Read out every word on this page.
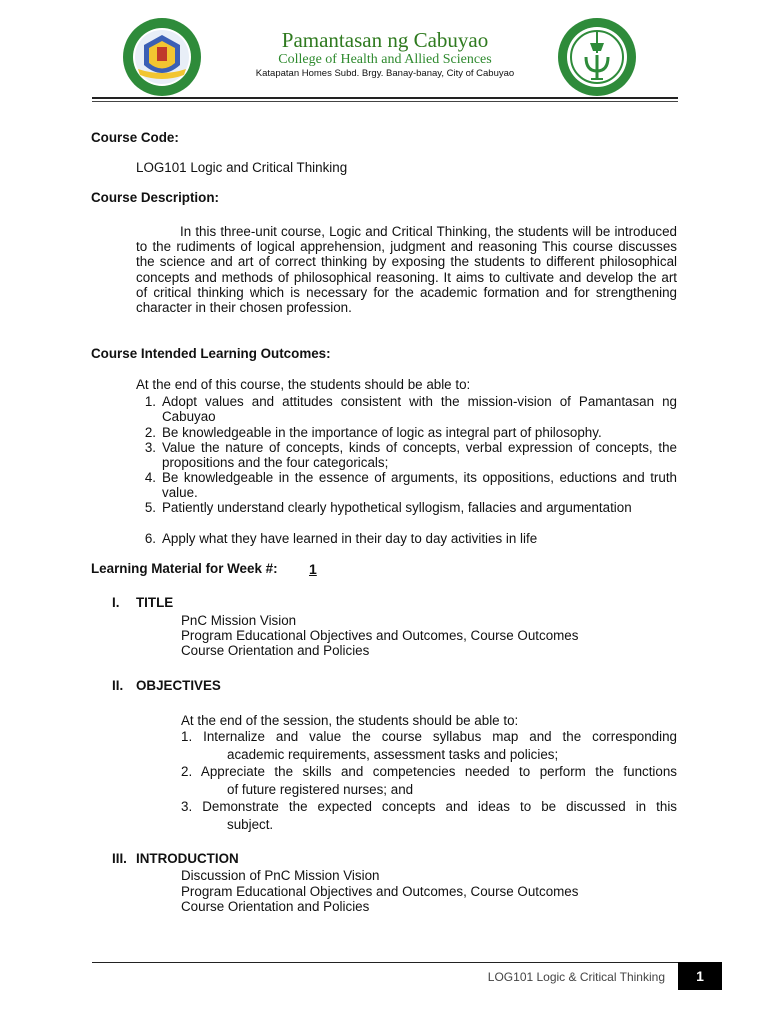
Pamantasan ng Cabuyao
College of Health and Allied Sciences
Katapatan Homes Subd. Brgy. Banay-banay, City of Cabuyao
Course Code:
LOG101 Logic and Critical Thinking
Course Description:

In this three-unit course, Logic and Critical Thinking, the students will be introduced to the rudiments of logical apprehension, judgment and reasoning This course discusses the science and art of correct thinking by exposing the students to different philosophical concepts and methods of philosophical reasoning. It aims to cultivate and develop the art of critical thinking which is necessary for the academic formation and for strengthening character in their chosen profession.

Course Intended Learning Outcomes:
At the end of this course, the students should be able to:
1. Adopt values and attitudes consistent with the mission-vision of Pamantasan ng Cabuyao
2. Be knowledgeable in the importance of logic as integral part of philosophy.
3. Value the nature of concepts, kinds of concepts, verbal expression of concepts, the propositions and the four categoricals;
4. Be knowledgeable in the essence of arguments, its oppositions, eductions and truth value.
5. Patiently understand clearly hypothetical syllogism, fallacies and argumentation
6. Apply what they have learned in their day to day activities in life
Learning Material for Week #: 1
I. TITLE
PnC Mission Vision
Program Educational Objectives and Outcomes, Course Outcomes
Course Orientation and Policies
II. OBJECTIVES
At the end of the session, the students should be able to:
1. Internalize and value the course syllabus map and the corresponding
academic requirements, assessment tasks and policies;
2. Appreciate the skills and competencies needed to perform the functions
of future registered nurses; and
3. Demonstrate the expected concepts and ideas to be discussed in this
subject.
III. INTRODUCTION
Discussion of PnC Mission Vision
Program Educational Objectives and Outcomes, Course Outcomes
Course Orientation and Policies
LOG101 Logic & Critical Thinking 1
